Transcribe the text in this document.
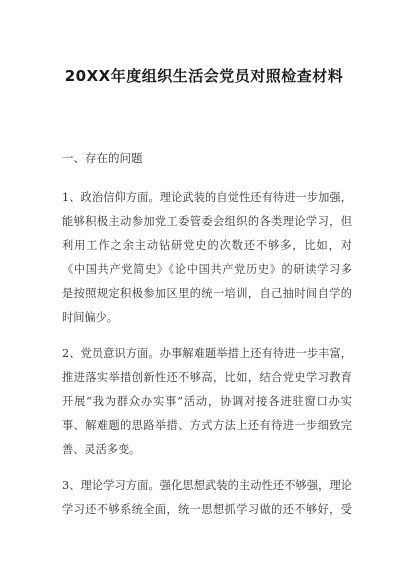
20XX年度组织生活会党员对照检查材料
一、存在的问题
1、政治信仰方面。理论武装的自觉性还有待进一步加强，
能够积极主动参加党工委管委会组织的各类理论学习，但
利用工作之余主动钻研党史的次数还不够多，比如，对
《中国共产党简史》《论中国共产党历史》的研读学习多
是按照规定积极参加区里的统一培训，自己抽时间自学的
时间偏少。
2、党员意识方面。办事解难题举措上还有待进一步丰富，
推进落实举措创新性还不够高，比如，结合党史学习教育
开展“我为群众办实事”活动，协调对接各进驻窗口办实
事、解难题的思路举措、方式方法上还有待进一步细致完
善、灵活多变。
3、理论学习方面。强化思想武装的主动性还不够强，理论
学习还不够系统全面，统一思想抓学习做的还不够好，受
